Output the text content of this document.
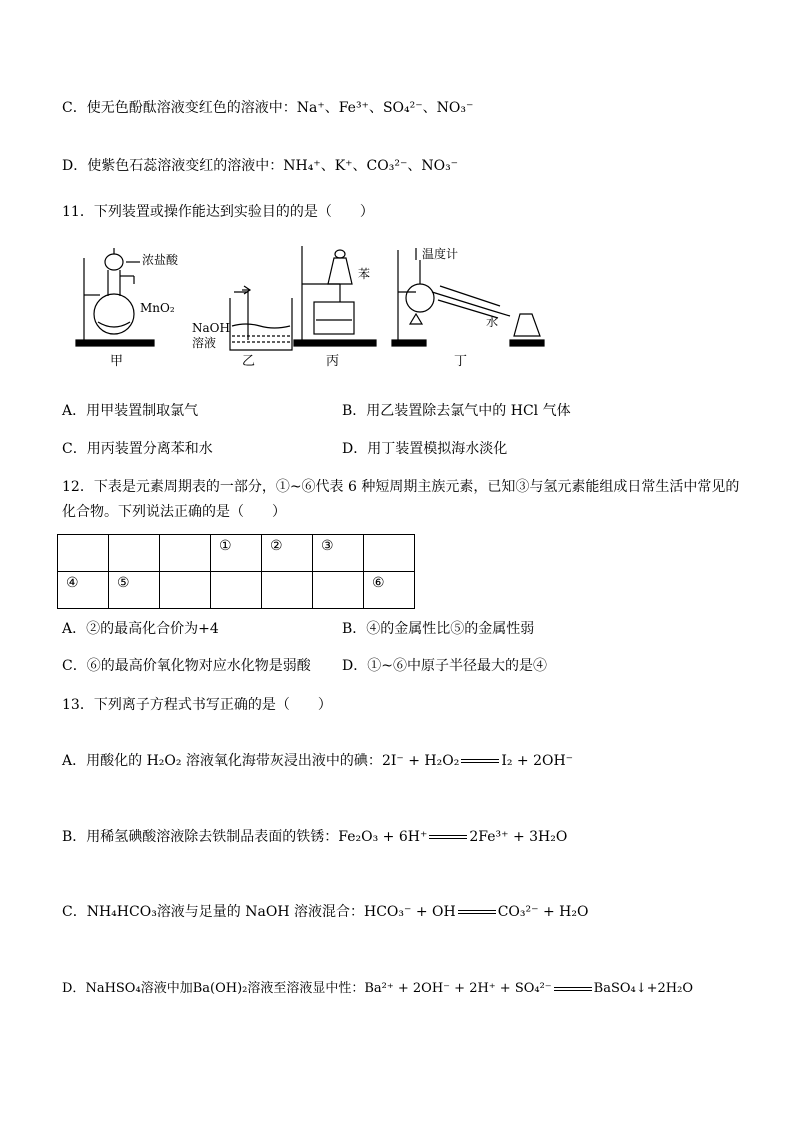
C．使无色酚酞溶液变红色的溶液中：Na⁺、Fe³⁺、SO₄²⁻、NO₃⁻
D．使紫色石蕊溶液变红的溶液中：NH₄⁺、K⁺、CO₃²⁻、NO₃⁻
11．下列装置或操作能达到实验目的的是（　　）
浓盐酸
MnO₂
甲
NaOH
溶液
乙
苯
丙
温度计
水
丁
A．用甲装置制取氯气	B．用乙装置除去氯气中的 HCl 气体
C．用丙装置分离苯和水	D．用丁装置模拟海水淡化
12．下表是元素周期表的一部分，①~⑥代表 6 种短周期主族元素，已知③与氢元素能组成日常生活中常见的
化合物。下列说法正确的是（　　）
			①	②	③	
④	⑤					⑥
A．②的最高化合价为+4	B．④的金属性比⑤的金属性弱
C．⑥的最高价氧化物对应水化物是弱酸 D．①~⑥中原子半径最大的是④
13．下列离子方程式书写正确的是（　　）
A．用酸化的 H₂O₂ 溶液氧化海带灰浸出液中的碘：2I⁻ + H₂O₂	I₂ + 2OH⁻
B．用稀氢碘酸溶液除去铁制品表面的铁锈：Fe₂O₃ + 6H⁺	2Fe³⁺ + 3H₂O
C．NH₄HCO₃溶液与足量的 NaOH 溶液混合：HCO₃⁻ + OH	CO₃²⁻ + H₂O
D．NaHSO₄溶液中加Ba(OH)₂溶液至溶液显中性：Ba²⁺ + 2OH⁻ + 2H⁺ + SO₄²⁻	BaSO₄↓+2H₂O
